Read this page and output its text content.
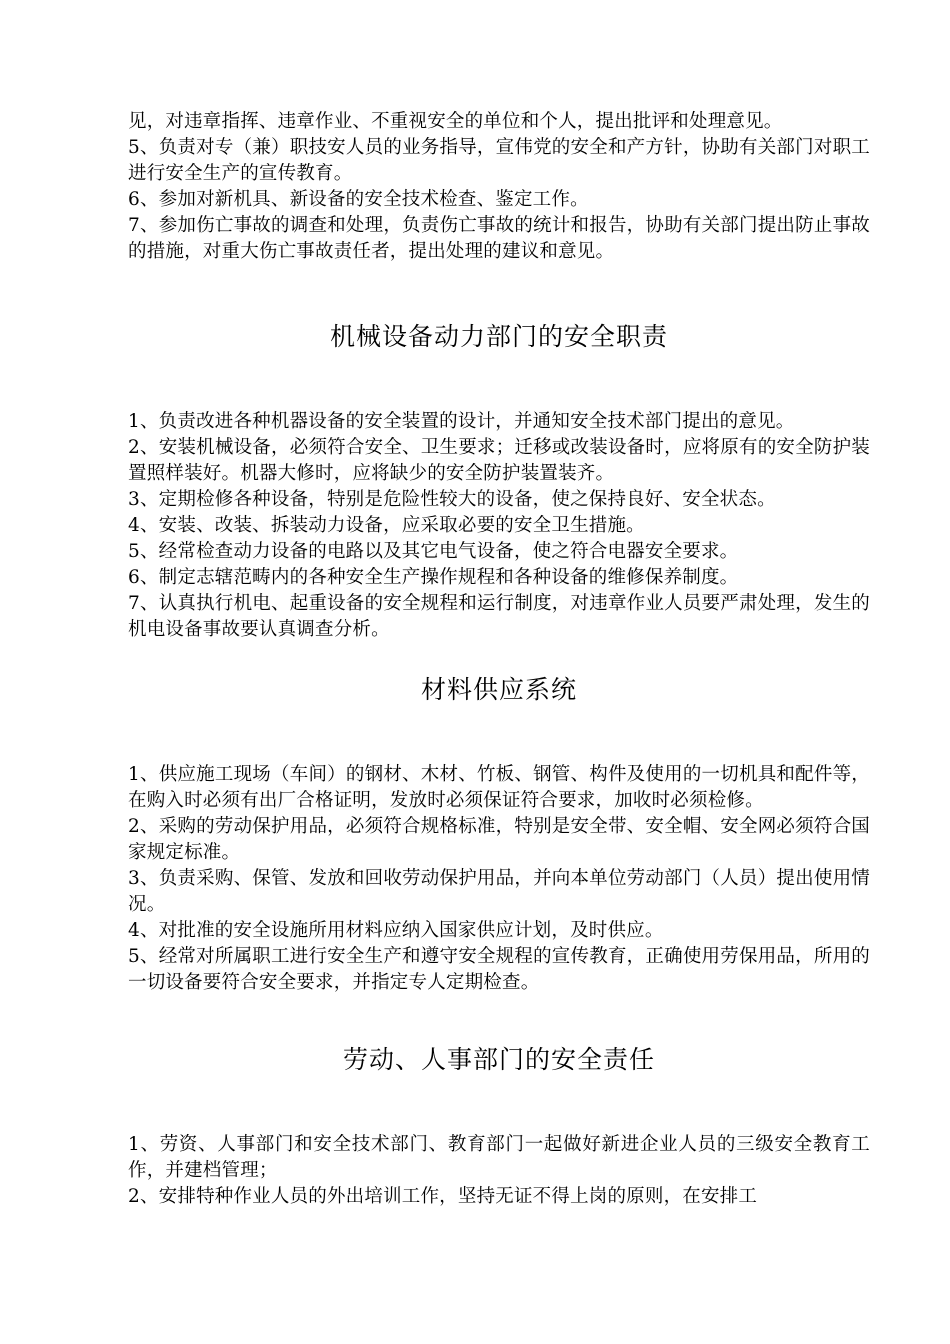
见，对违章指挥、违章作业、不重视安全的单位和个人，提出批评和处理意见。

5、负责对专（兼）职技安人员的业务指导，宣伟党的安全和产方针，协助有关部门对职工进行安全生产的宣传教育。

6、参加对新机具、新设备的安全技术检查、鉴定工作。

7、参加伤亡事故的调查和处理，负责伤亡事故的统计和报告，协助有关部门提出防止事故的措施，对重大伤亡事故责任者，提出处理的建议和意见。

机械设备动力部门的安全职责

1、负责改进各种机器设备的安全装置的设计，并通知安全技术部门提出的意见。

2、安装机械设备，必须符合安全、卫生要求；迁移或改装设备时，应将原有的安全防护装置照样装好。机器大修时，应将缺少的安全防护装置装齐。

3、定期检修各种设备，特别是危险性较大的设备，使之保持良好、安全状态。

4、安装、改装、拆装动力设备，应采取必要的安全卫生措施。

5、经常检查动力设备的电路以及其它电气设备，使之符合电器安全要求。

6、制定志辖范畴内的各种安全生产操作规程和各种设备的维修保养制度。

7、认真执行机电、起重设备的安全规程和运行制度，对违章作业人员要严肃处理，发生的机电设备事故要认真调查分析。

材料供应系统

1、供应施工现场（车间）的钢材、木材、竹板、钢管、构件及使用的一切机具和配件等，在购入时必须有出厂合格证明，发放时必须保证符合要求，加收时必须检修。

2、采购的劳动保护用品，必须符合规格标准，特别是安全带、安全帽、安全网必须符合国家规定标准。

3、负责采购、保管、发放和回收劳动保护用品，并向本单位劳动部门（人员）提出使用情况。

4、对批准的安全设施所用材料应纳入国家供应计划，及时供应。

5、经常对所属职工进行安全生产和遵守安全规程的宣传教育，正确使用劳保用品，所用的一切设备要符合安全要求，并指定专人定期检查。

劳动、人事部门的安全责任

1、劳资、人事部门和安全技术部门、教育部门一起做好新进企业人员的三级安全教育工作，并建档管理；

2、安排特种作业人员的外出培训工作，坚持无证不得上岗的原则，在安排工
